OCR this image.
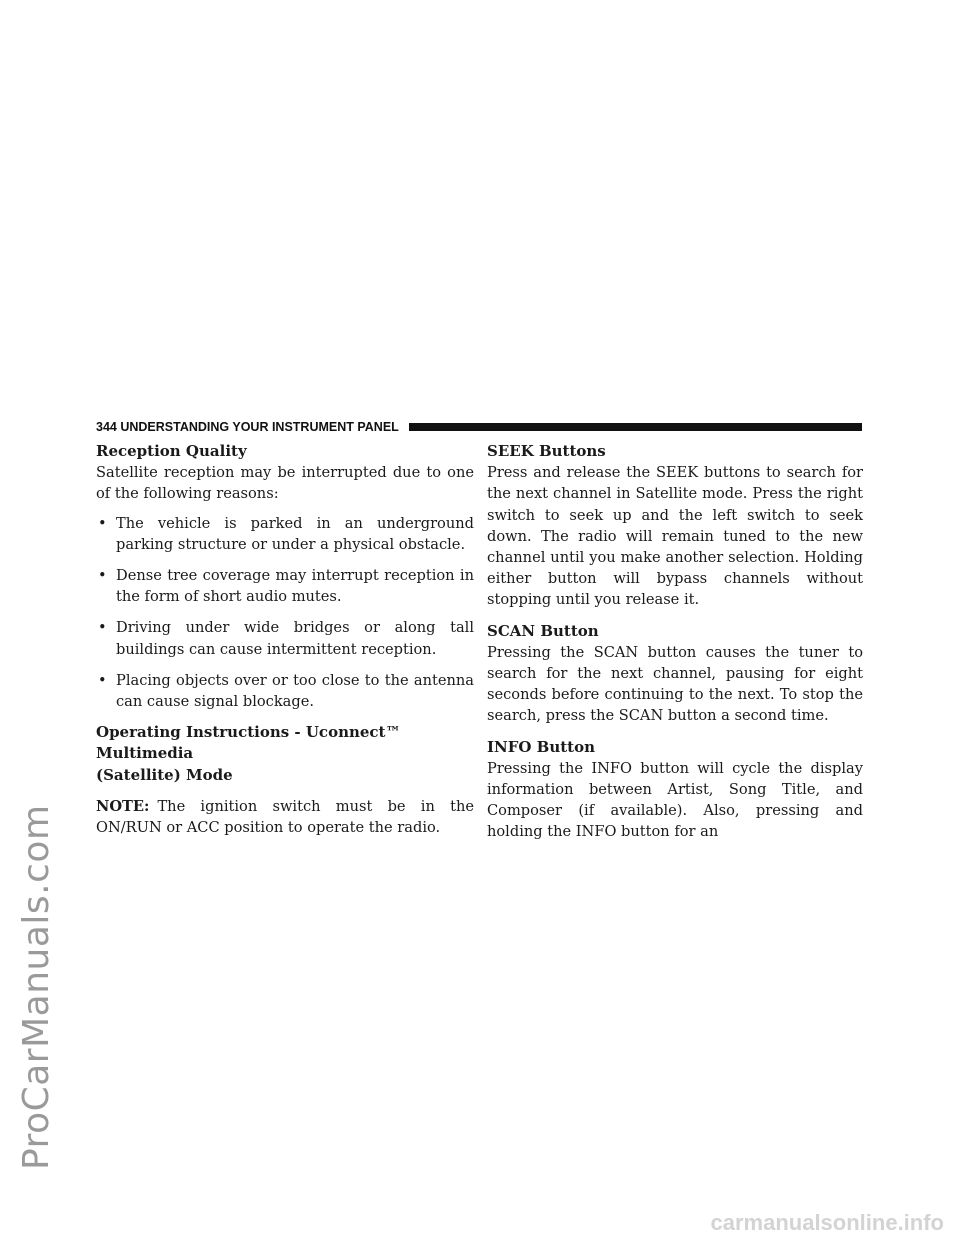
ProCarManuals.com
carmanualsonline.info
344 UNDERSTANDING YOUR INSTRUMENT PANEL
Reception Quality

Satellite reception may be interrupted due to one of the following reasons:

• The vehicle is parked in an underground parking structure or under a physical obstacle.
• Dense tree coverage may interrupt reception in the form of short audio mutes.
• Driving under wide bridges or along tall buildings can cause intermittent reception.
• Placing objects over or too close to the antenna can cause signal blockage.
Operating Instructions - Uconnect™ Multimedia
(Satellite) Mode

NOTE: The ignition switch must be in the ON/RUN or ACC position to operate the radio.

SEEK Buttons

Press and release the SEEK buttons to search for the next channel in Satellite mode. Press the right switch to seek up and the left switch to seek down. The radio will remain tuned to the new channel until you make another selection. Holding either button will bypass channels without stopping until you release it.

SCAN Button

Pressing the SCAN button causes the tuner to search for the next channel, pausing for eight seconds before continuing to the next. To stop the search, press the SCAN button a second time.

INFO Button

Pressing the INFO button will cycle the display information between Artist, Song Title, and Composer (if available). Also, pressing and holding the INFO button for an
